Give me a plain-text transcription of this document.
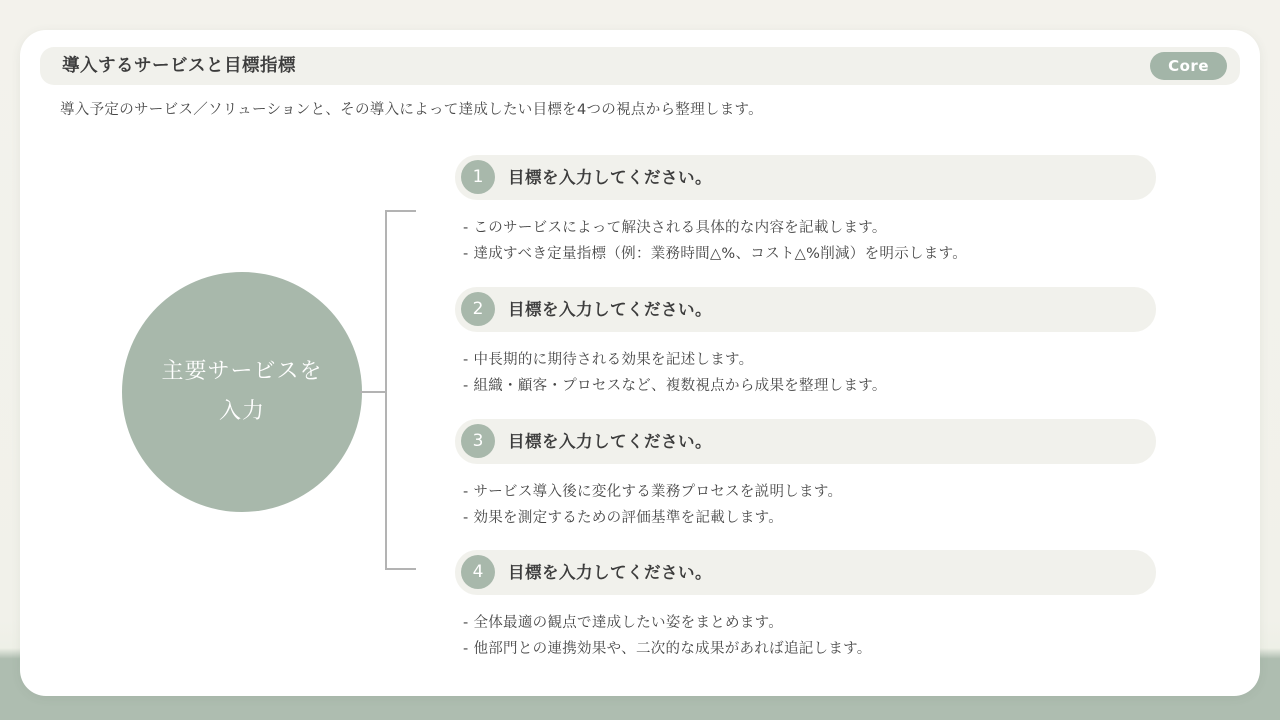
導入するサービスと目標指標	Core
導入予定のサービス／ソリューションと、その導入によって達成したい目標を4つの視点から整理します。
主要サービスを
入力
1	目標を入力してください。
- このサービスによって解決される具体的な内容を記載します。
- 達成すべき定量指標（例：業務時間△%、コスト△%削減）を明示します。
2	目標を入力してください。
- 中長期的に期待される効果を記述します。
- 組織・顧客・プロセスなど、複数視点から成果を整理します。
3	目標を入力してください。
- サービス導入後に変化する業務プロセスを説明します。
- 効果を測定するための評価基準を記載します。
4	目標を入力してください。
- 全体最適の観点で達成したい姿をまとめます。
- 他部門との連携効果や、二次的な成果があれば追記します。
